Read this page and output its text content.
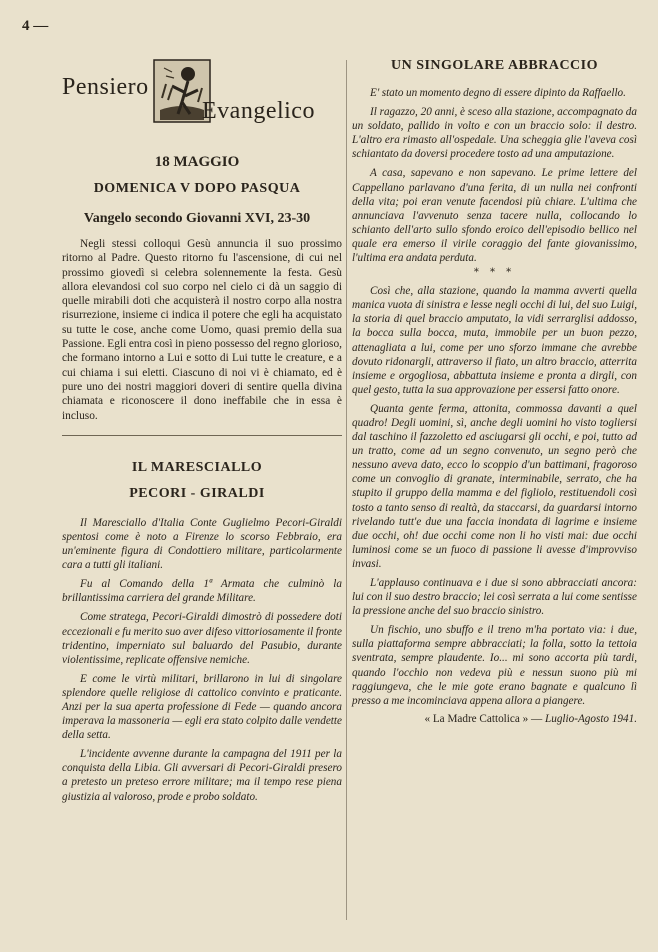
4 —
Pensiero
Evangelico
18 MAGGIO
DOMENICA V DOPO PASQUA
Vangelo secondo Giovanni XVI, 23-30

Negli stessi colloqui Gesù annuncia il suo prossimo ritorno al Padre. Questo ritorno fu l'ascensione, di cui nel prossimo giovedì si celebra solennemente la festa. Gesù allora elevandosi col suo corpo nel cielo ci dà un saggio di quelle mirabili doti che acquisterà il nostro corpo alla nostra risurrezione, insieme ci indica il potere che egli ha acquistato su tutte le cose, anche come Uomo, quasi premio della sua Passione. Egli entra così in pieno possesso del regno glorioso, che formano intorno a Lui e sotto di Lui tutte le creature, e a cui chiama i sui eletti. Ciascuno di noi vi è chiamato, ed è pure uno dei nostri maggiori doveri di sentire quella divina chiamata e riconoscere il dono ineffabile che in essa è incluso.

IL MARESCIALLO
PECORI - GIRALDI

Il Maresciallo d'Italia Conte Guglielmo Pecori-Giraldi spentosi come è noto a Firenze lo scorso Febbraio, era un'eminente figura di Condottiero militare, particolarmente cara a tutti gli italiani.

Fu al Comando della 1ª Armata che culminò la brillantissima carriera del grande Militare.

Come stratega, Pecori-Giraldi dimostrò di possedere doti eccezionali e fu merito suo aver difeso vittoriosamente il fronte tridentino, imperniato sul baluardo del Pasubio, durante violentissime, replicate offensive nemiche.

E come le virtù militari, brillarono in lui di singolare splendore quelle religiose di cattolico convinto e praticante. Anzi per la sua aperta professione di Fede — quando ancora imperava la massoneria — egli era stato colpito dalle vendette della setta.

L'incidente avvenne durante la campagna del 1911 per la conquista della Libia. Gli avversari di Pecori-Giraldi presero a pretesto un preteso errore militare; ma il tempo rese piena giustizia al valoroso, prode e probo soldato.

UN SINGOLARE ABBRACCIO

E' stato un momento degno di essere dipinto da Raffaello.

Il ragazzo, 20 anni, è sceso alla stazione, accompagnato da un soldato, pallido in volto e con un braccio solo: il destro. L'altro era rimasto all'ospedale. Una scheggia glie l'aveva così schiantato da doversi procedere tosto ad una amputazione.

A casa, sapevano e non sapevano. Le prime lettere del Cappellano parlavano d'una ferita, di un nulla nei confronti della vita; poi eran venute facendosi più chiare. L'ultima che annunciava l'avvenuto senza tacere nulla, collocando lo schianto dell'arto sullo sfondo eroico dell'episodio bellico nel quale era emerso il virile coraggio del fante giovanissimo, l'ultima era andata perduta.

* * *

Così che, alla stazione, quando la mamma avverti quella manica vuota di sinistra e lesse negli occhi di lui, del suo Luigi, la storia di quel braccio amputato, la vidi serrarglisi addosso, la bocca sulla bocca, muta, immobile per un buon pezzo, attenagliata a lui, come per uno sforzo immane che avrebbe dovuto ridonargli, attraverso il fiato, un altro braccio, atterrita insieme e orgogliosa, abbattuta insieme e pronta a dirgli, con quel gesto, tutta la sua approvazione per essersi fatto onore.

Quanta gente ferma, attonita, commossa davanti a quel quadro! Degli uomini, sì, anche degli uomini ho visto togliersi dal taschino il fazzoletto ed asciugarsi gli occhi, e poi, tutto ad un tratto, come ad un segno convenuto, un segno però che nessuno aveva dato, ecco lo scoppio d'un battimani, fragoroso come un convoglio di granate, interminabile, serrato, che ha stupito il gruppo della mamma e del figliolo, restituendoli così tosto a tanto senso di realtà, da staccarsi, da guardarsi intorno rivelando tutt'e due una faccia inondata di lagrime e insieme due occhi, oh! due occhi come non li ho visti mai: due occhi luminosi come se un fuoco di passione li avesse d'improvviso invasi.

L'applauso continuava e i due si sono abbracciati ancora: lui con il suo destro braccio; lei così serrata a lui come sentisse la pressione anche del suo braccio sinistro.

Un fischio, uno sbuffo e il treno m'ha portato via: i due, sulla piattaforma sempre abbracciati; la folla, sotto la tettoia sventrata, sempre plaudente. Io... mi sono accorta più tardi, quando l'occhio non vedeva più e nessun suono più mi raggiungeva, che le mie gote erano bagnate e qualcuno lì presso a me incominciava appena allora a piangere.

« La Madre Cattolica » — Luglio-Agosto 1941.
